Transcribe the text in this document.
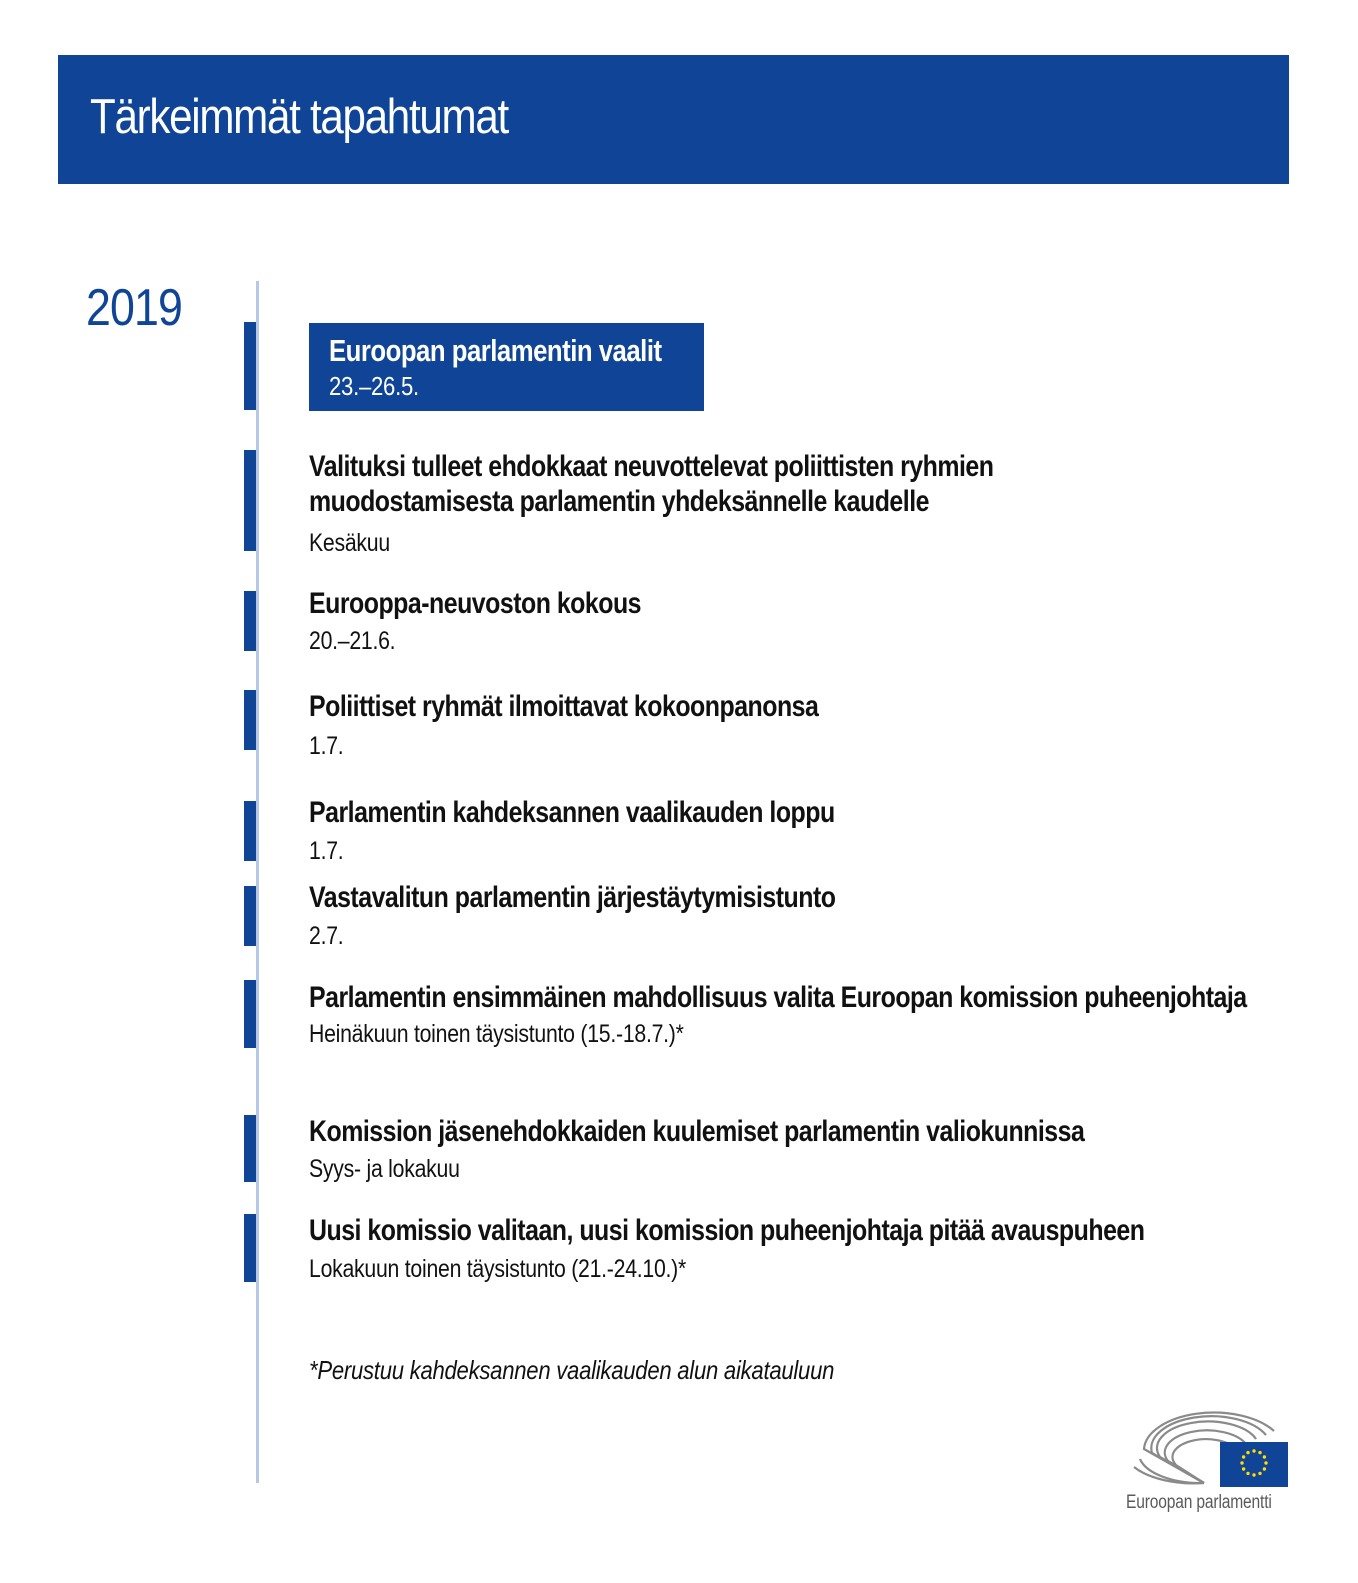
Tärkeimmät tapahtumat
2019
Euroopan parlamentin vaalit
23.–26.5.
Valituksi tulleet ehdokkaat neuvottelevat poliittisten ryhmien
muodostamisesta parlamentin yhdeksännelle kaudelle
Kesäkuu
Eurooppa-neuvoston kokous
20.–21.6.
Poliittiset ryhmät ilmoittavat kokoonpanonsa
1.7.
Parlamentin kahdeksannen vaalikauden loppu
1.7.
Vastavalitun parlamentin järjestäytymisistunto
2.7.
Parlamentin ensimmäinen mahdollisuus valita Euroopan komission puheenjohtaja
Heinäkuun toinen täysistunto (15.-18.7.)*
Komission jäsenehdokkaiden kuulemiset parlamentin valiokunnissa
Syys- ja lokakuu
Uusi komissio valitaan, uusi komission puheenjohtaja pitää avauspuheen
Lokakuun toinen täysistunto (21.-24.10.)*
*Perustuu kahdeksannen vaalikauden alun aikatauluun
Euroopan parlamentti
